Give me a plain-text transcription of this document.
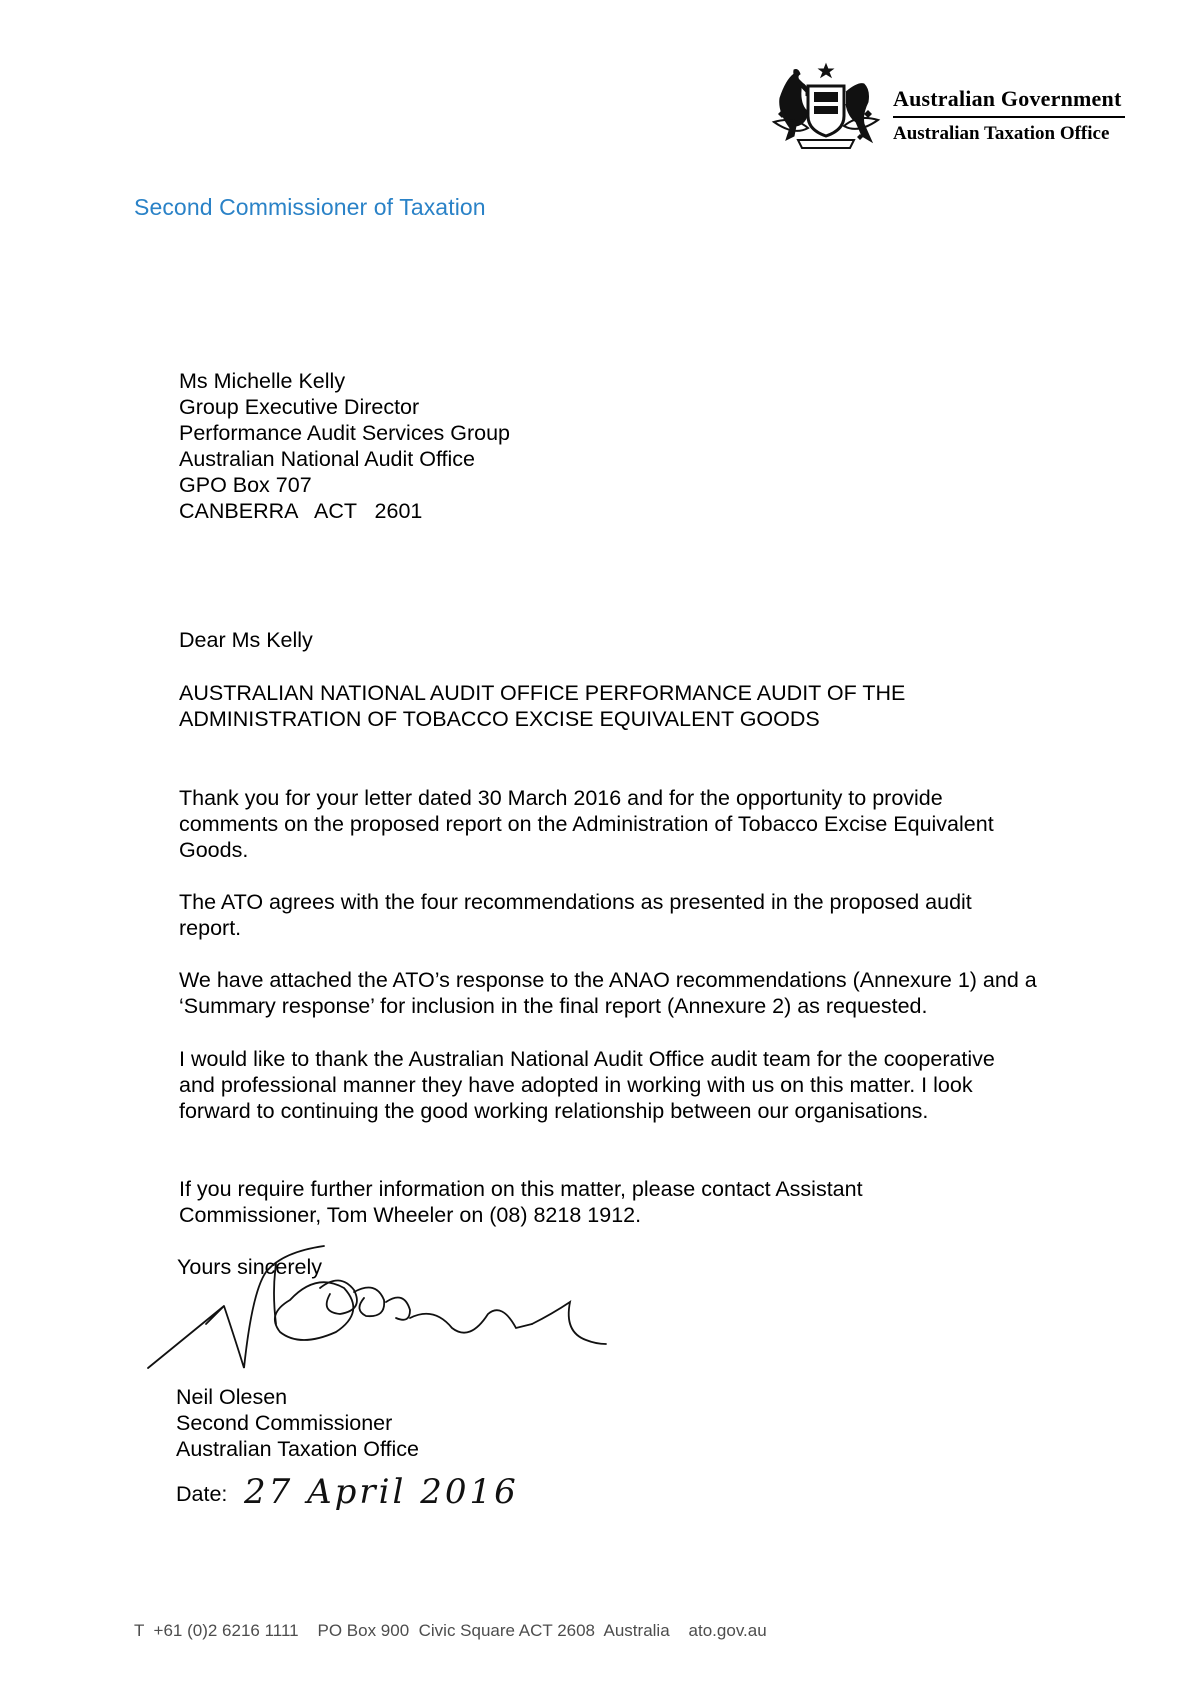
Australian Government
Australian Taxation Office
Second Commissioner of Taxation
Ms Michelle Kelly
Group Executive Director
Performance Audit Services Group
Australian National Audit Office
GPO Box 707
CANBERRA   ACT   2601
Dear Ms Kelly
AUSTRALIAN NATIONAL AUDIT OFFICE PERFORMANCE AUDIT OF THE ADMINISTRATION OF TOBACCO EXCISE EQUIVALENT GOODS
Thank you for your letter dated 30 March 2016 and for the opportunity to provide comments on the proposed report on the Administration of Tobacco Excise Equivalent Goods.
The ATO agrees with the four recommendations as presented in the proposed audit report.
We have attached the ATO’s response to the ANAO recommendations (Annexure 1) and a ‘Summary response’ for inclusion in the final report (Annexure 2) as requested.
I would like to thank the Australian National Audit Office audit team for the cooperative and professional manner they have adopted in working with us on this matter. I look forward to continuing the good working relationship between our organisations.
If you require further information on this matter, please contact Assistant Commissioner, Tom Wheeler on (08) 8218 1912.
Yours sincerely
Neil Olesen
Second Commissioner
Australian Taxation Office
Date: 27 April 2016
T  +61 (0)2 6216 1111    PO Box 900  Civic Square ACT 2608  Australia    ato.gov.au
